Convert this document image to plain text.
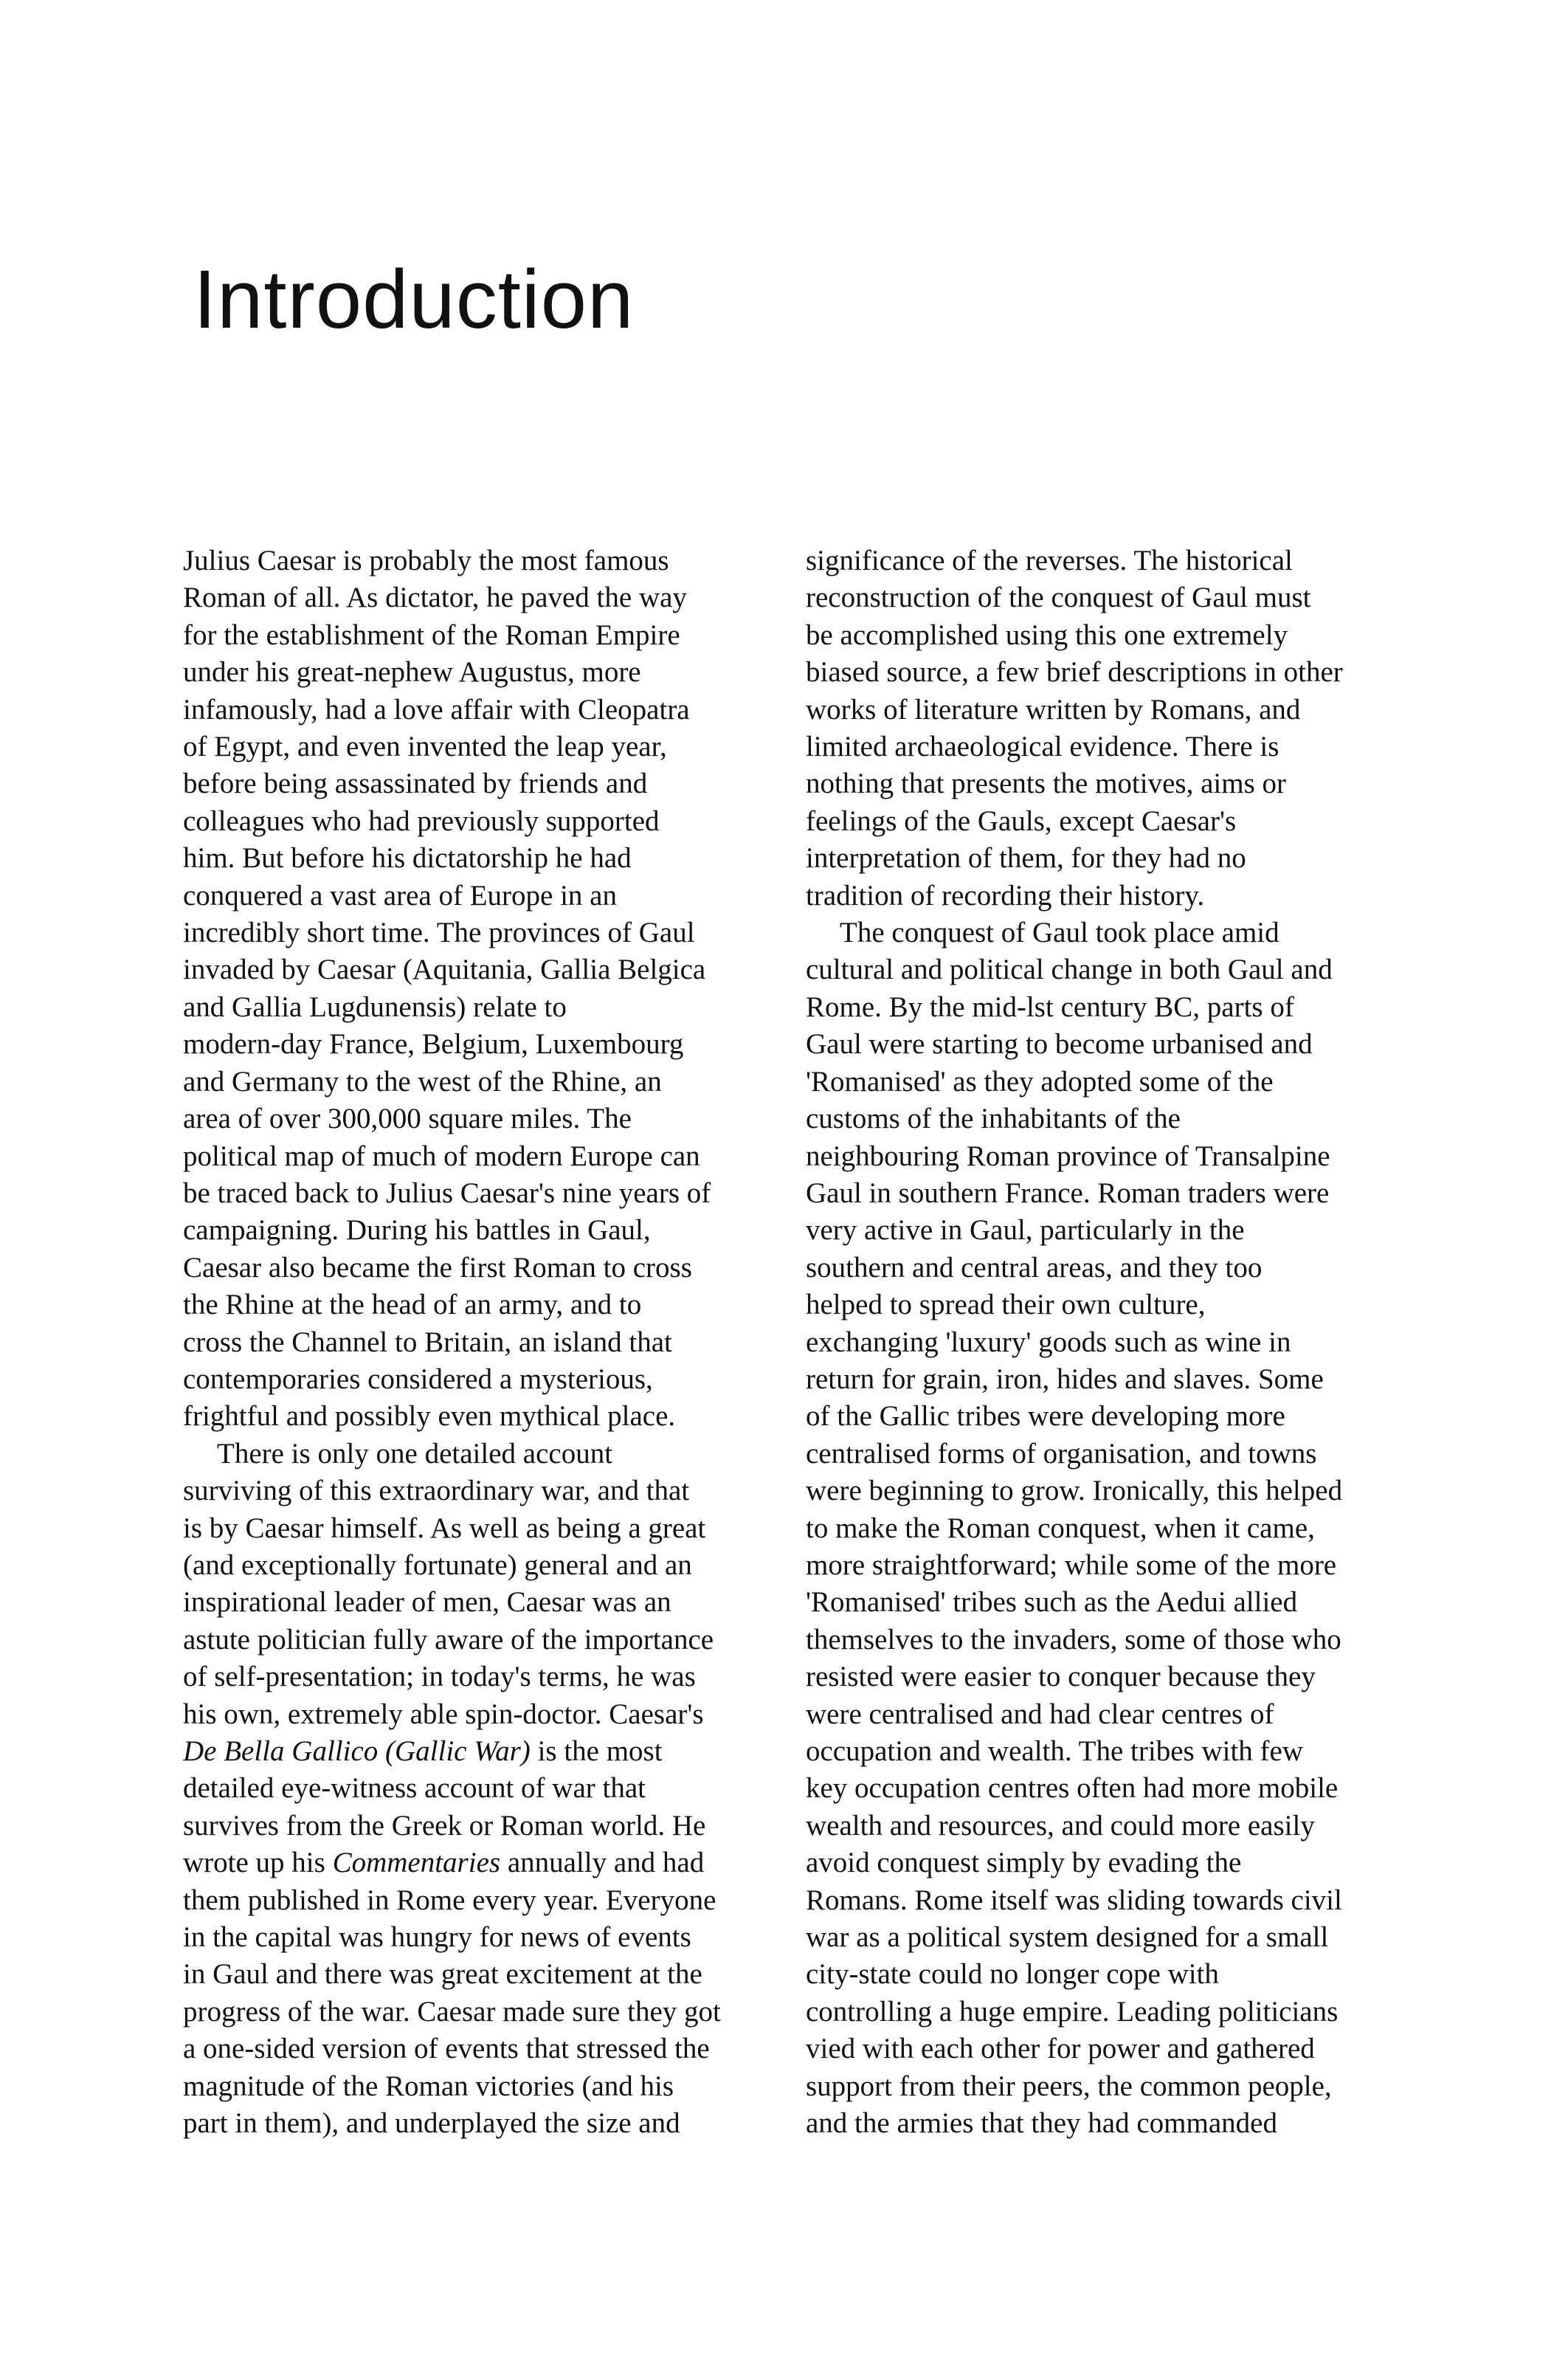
Introduction
Julius Caesar is probably the most famous
Roman of all. As dictator, he paved the way
for the establishment of the Roman Empire
under his great-nephew Augustus, more
infamously, had a love affair with Cleopatra
of Egypt, and even invented the leap year,
before being assassinated by friends and
colleagues who had previously supported
him. But before his dictatorship he had
conquered a vast area of Europe in an
incredibly short time. The provinces of Gaul
invaded by Caesar (Aquitania, Gallia Belgica
and Gallia Lugdunensis) relate to
modern-day France, Belgium, Luxembourg
and Germany to the west of the Rhine, an
area of over 300,000 square miles. The
political map of much of modern Europe can
be traced back to Julius Caesar's nine years of
campaigning. During his battles in Gaul,
Caesar also became the first Roman to cross
the Rhine at the head of an army, and to
cross the Channel to Britain, an island that
contemporaries considered a mysterious,
frightful and possibly even mythical place.
There is only one detailed account
surviving of this extraordinary war, and that
is by Caesar himself. As well as being a great
(and exceptionally fortunate) general and an
inspirational leader of men, Caesar was an
astute politician fully aware of the importance
of self-presentation; in today's terms, he was
his own, extremely able spin-doctor. Caesar's
De Bella Gallico (Gallic War) is the most
detailed eye-witness account of war that
survives from the Greek or Roman world. He
wrote up his Commentaries annually and had
them published in Rome every year. Everyone
in the capital was hungry for news of events
in Gaul and there was great excitement at the
progress of the war. Caesar made sure they got
a one-sided version of events that stressed the
magnitude of the Roman victories (and his
part in them), and underplayed the size and
significance of the reverses. The historical
reconstruction of the conquest of Gaul must
be accomplished using this one extremely
biased source, a few brief descriptions in other
works of literature written by Romans, and
limited archaeological evidence. There is
nothing that presents the motives, aims or
feelings of the Gauls, except Caesar's
interpretation of them, for they had no
tradition of recording their history.
The conquest of Gaul took place amid
cultural and political change in both Gaul and
Rome. By the mid-lst century BC, parts of
Gaul were starting to become urbanised and
'Romanised' as they adopted some of the
customs of the inhabitants of the
neighbouring Roman province of Transalpine
Gaul in southern France. Roman traders were
very active in Gaul, particularly in the
southern and central areas, and they too
helped to spread their own culture,
exchanging 'luxury' goods such as wine in
return for grain, iron, hides and slaves. Some
of the Gallic tribes were developing more
centralised forms of organisation, and towns
were beginning to grow. Ironically, this helped
to make the Roman conquest, when it came,
more straightforward; while some of the more
'Romanised' tribes such as the Aedui allied
themselves to the invaders, some of those who
resisted were easier to conquer because they
were centralised and had clear centres of
occupation and wealth. The tribes with few
key occupation centres often had more mobile
wealth and resources, and could more easily
avoid conquest simply by evading the
Romans. Rome itself was sliding towards civil
war as a political system designed for a small
city-state could no longer cope with
controlling a huge empire. Leading politicians
vied with each other for power and gathered
support from their peers, the common people,
and the armies that they had commanded
